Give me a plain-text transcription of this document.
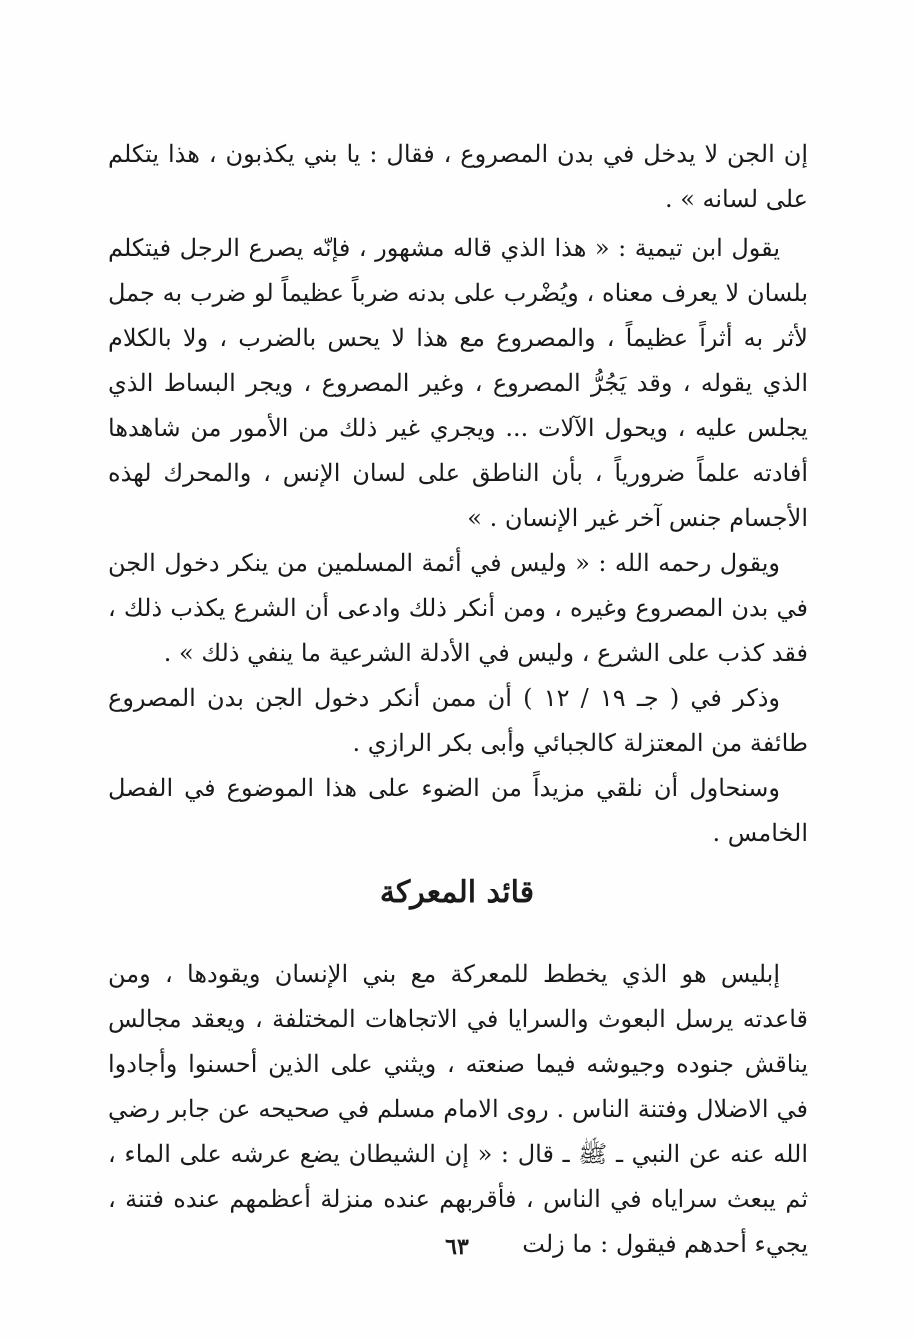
إن الجن لا يدخل في بدن المصروع ، فقال : يا بني يكذبون ، هذا يتكلم على لسانه » .

يقول ابن تيمية : « هذا الذي قاله مشهور ، فإنّه يصرع الرجل فيتكلم بلسان لا يعرف معناه ، ويُضْرب على بدنه ضرباً عظيماً لو ضرب به جمل لأثر به أثراً عظيماً ، والمصروع مع هذا لا يحس بالضرب ، ولا بالكلام الذي يقوله ، وقد يَجُرُّ المصروع ، وغير المصروع ، ويجر البساط الذي يجلس عليه ، ويحول الآلات ... ويجري غير ذلك من الأمور من شاهدها أفادته علماً ضرورياً ، بأن الناطق على لسان الإنس ، والمحرك لهذه الأجسام جنس آخر غير الإنسان . »

ويقول رحمه الله : « وليس في أئمة المسلمين من ينكر دخول الجن في بدن المصروع وغيره ، ومن أنكر ذلك وادعى أن الشرع يكذب ذلك ، فقد كذب على الشرع ، وليس في الأدلة الشرعية ما ينفي ذلك » .

وذكر في ( جـ ١٩ / ١٢ ) أن ممن أنكر دخول الجن بدن المصروع طائفة من المعتزلة كالجبائي وأبى بكر الرازي .

وسنحاول أن نلقي مزيداً من الضوء على هذا الموضوع في الفصل الخامس .

قائد المعركة

إبليس هو الذي يخطط للمعركة مع بني الإنسان ويقودها ، ومن قاعدته يرسل البعوث والسرايا في الاتجاهات المختلفة ، ويعقد مجالس يناقش جنوده وجيوشه فيما صنعته ، ويثني على الذين أحسنوا وأجادوا في الاضلال وفتنة الناس . روى الامام مسلم في صحيحه عن جابر رضي الله عنه عن النبي ـ ﷺ ـ قال : « إن الشيطان يضع عرشه على الماء ، ثم يبعث سراياه في الناس ، فأقربهم عنده منزلة أعظمهم عنده فتنة ، يجيء أحدهم فيقول : ما زلت

٦٣
